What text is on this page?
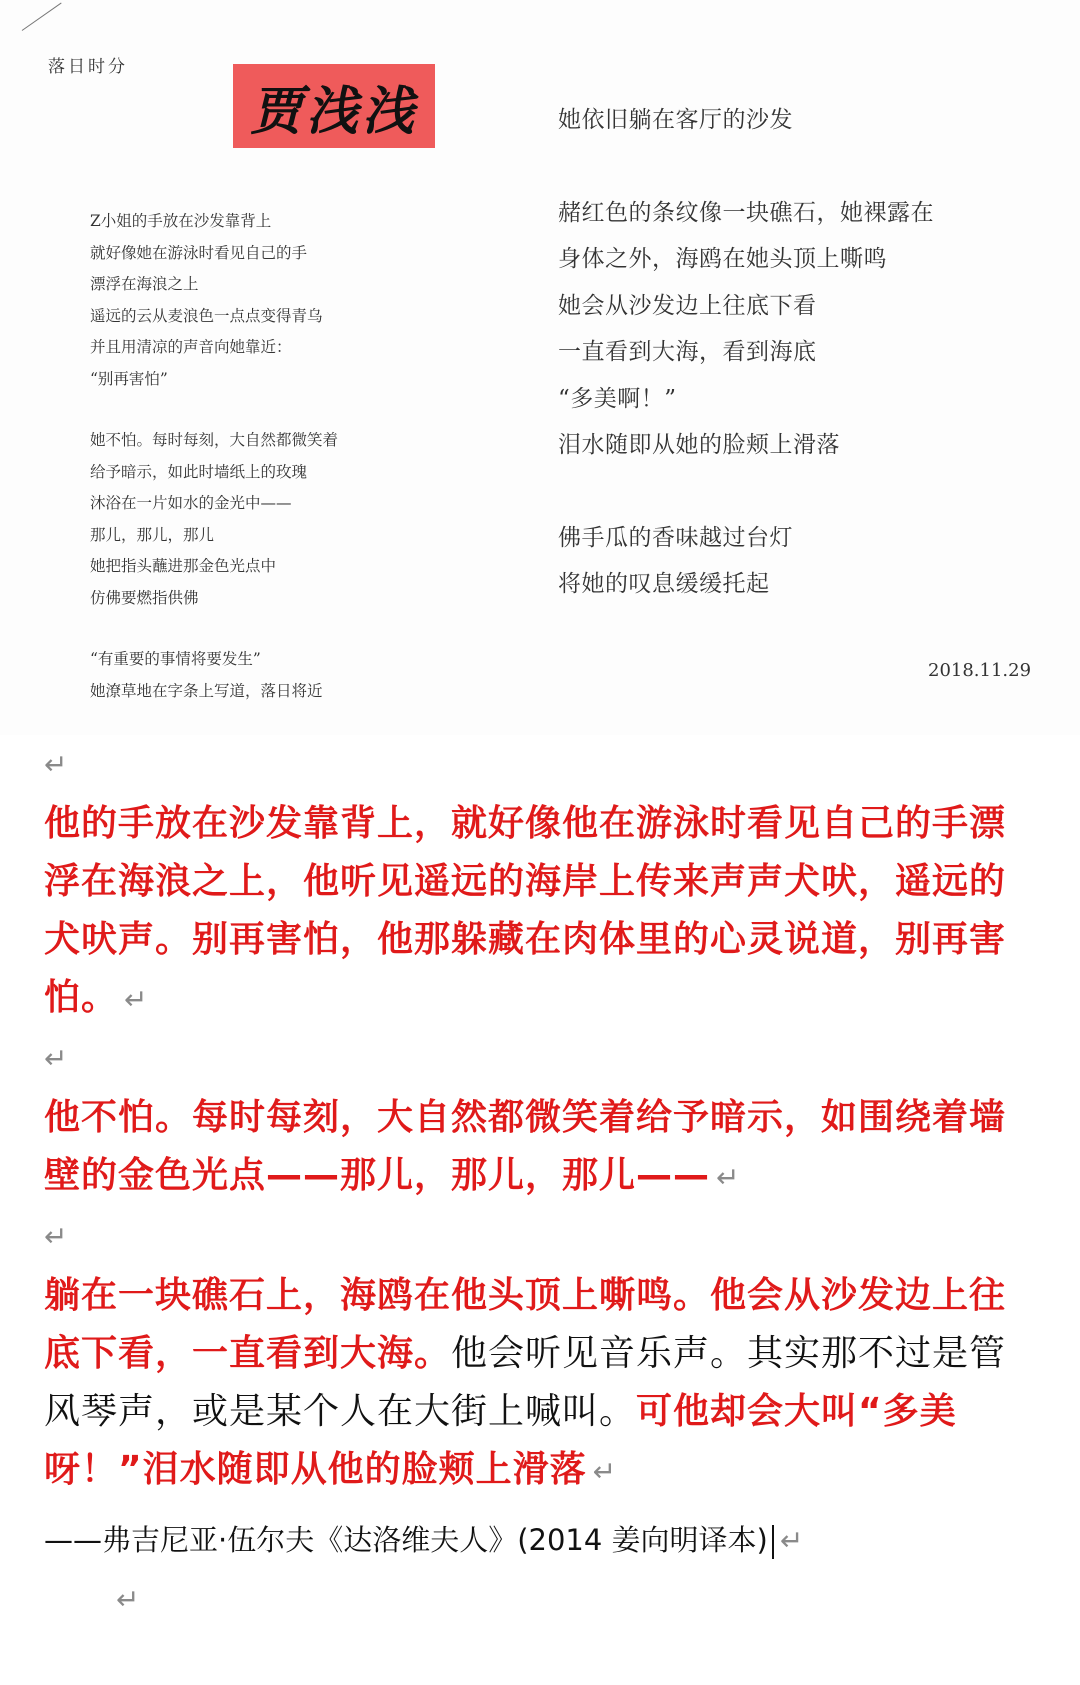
落日时分
贾浅浅
Z小姐的手放在沙发靠背上
就好像她在游泳时看见自己的手
漂浮在海浪之上
遥远的云从麦浪色一点点变得青乌
并且用清凉的声音向她靠近：
“别再害怕”
她不怕。每时每刻，大自然都微笑着
给予暗示，如此时墙纸上的玫瑰
沐浴在一片如水的金光中——
那儿，那儿，那儿
她把指头蘸进那金色光点中
仿佛要燃指供佛
“有重要的事情将要发生”
她潦草地在字条上写道，落日将近
她依旧躺在客厅的沙发
赭红色的条纹像一块礁石，她裸露在
身体之外，海鸥在她头顶上嘶鸣
她会从沙发边上往底下看
一直看到大海，看到海底
“多美啊！”
泪水随即从她的脸颊上滑落
佛手瓜的香味越过台灯
将她的叹息缓缓托起
2018.11.29
↵

他的手放在沙发靠背上，就好像他在游泳时看见自己的手漂浮在海浪之上，他听见遥远的海岸上传来声声犬吠，遥远的犬吠声。别再害怕，他那躲藏在肉体里的心灵说道，别再害怕。 ↵

↵

他不怕。每时每刻，大自然都微笑着给予暗示，如围绕着墙壁的金色光点——那儿，那儿，那儿—— ↵

↵

躺在一块礁石上，海鸥在他头顶上嘶鸣。他会从沙发边上往底下看，一直看到大海。他会听见音乐声。其实那不过是管风琴声，或是某个人在大街上喊叫。可他却会大叫“多美呀！”泪水随即从他的脸颊上滑落 ↵

——弗吉尼亚·伍尔夫《达洛维夫人》(2014 姜向明译本) ↵
↵
